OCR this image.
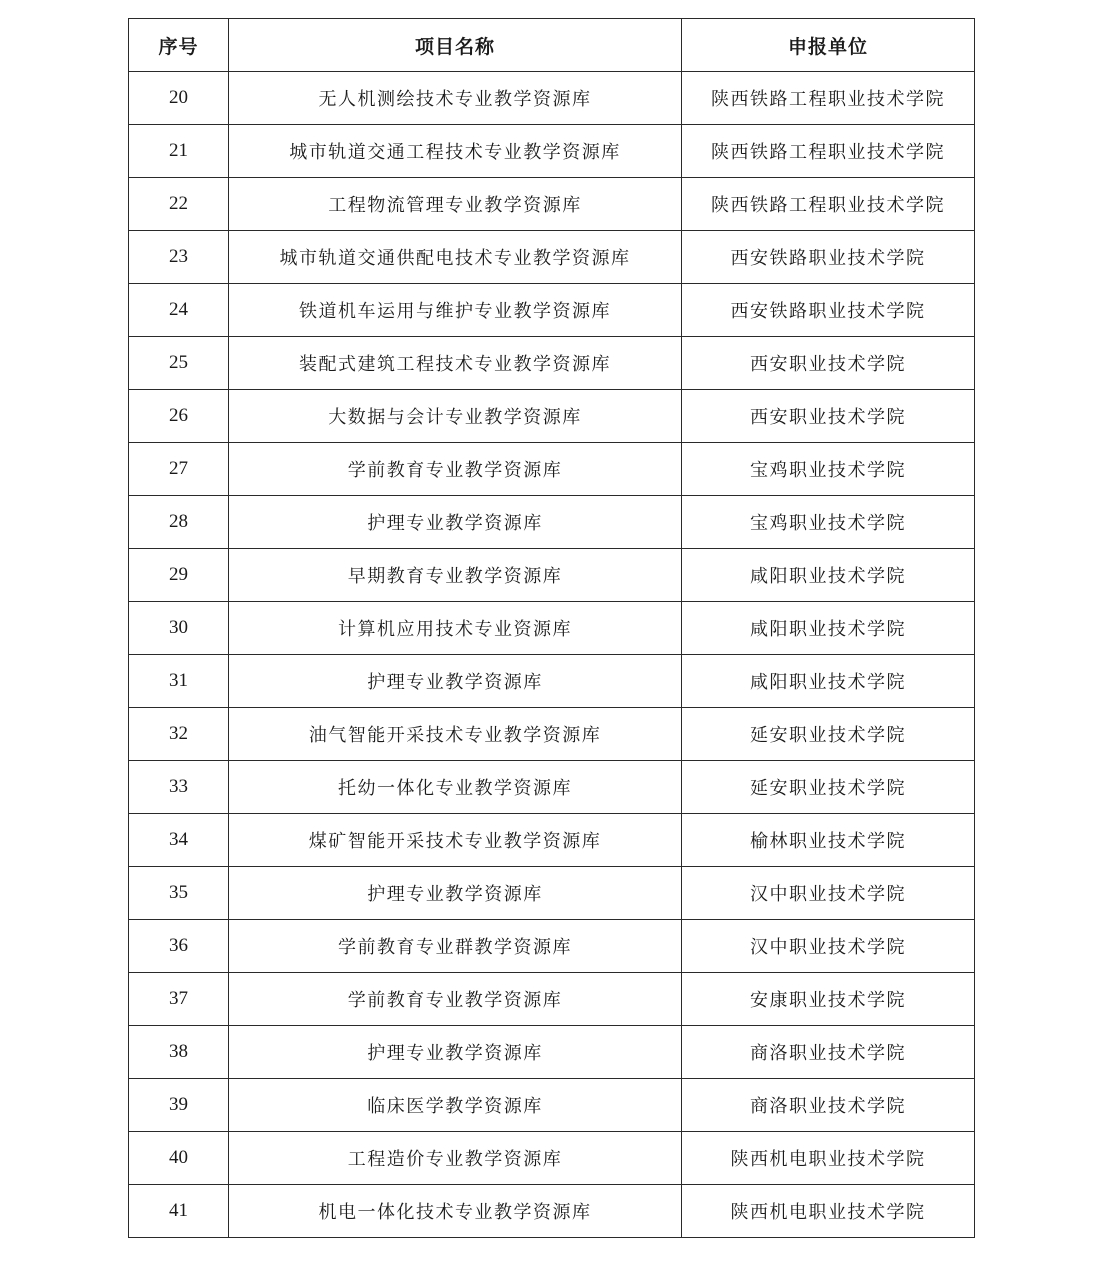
序号	项目名称	申报单位
20	无人机测绘技术专业教学资源库	陕西铁路工程职业技术学院
21	城市轨道交通工程技术专业教学资源库	陕西铁路工程职业技术学院
22	工程物流管理专业教学资源库	陕西铁路工程职业技术学院
23	城市轨道交通供配电技术专业教学资源库	西安铁路职业技术学院
24	铁道机车运用与维护专业教学资源库	西安铁路职业技术学院
25	装配式建筑工程技术专业教学资源库	西安职业技术学院
26	大数据与会计专业教学资源库	西安职业技术学院
27	学前教育专业教学资源库	宝鸡职业技术学院
28	护理专业教学资源库	宝鸡职业技术学院
29	早期教育专业教学资源库	咸阳职业技术学院
30	计算机应用技术专业资源库	咸阳职业技术学院
31	护理专业教学资源库	咸阳职业技术学院
32	油气智能开采技术专业教学资源库	延安职业技术学院
33	托幼一体化专业教学资源库	延安职业技术学院
34	煤矿智能开采技术专业教学资源库	榆林职业技术学院
35	护理专业教学资源库	汉中职业技术学院
36	学前教育专业群教学资源库	汉中职业技术学院
37	学前教育专业教学资源库	安康职业技术学院
38	护理专业教学资源库	商洛职业技术学院
39	临床医学教学资源库	商洛职业技术学院
40	工程造价专业教学资源库	陕西机电职业技术学院
41	机电一体化技术专业教学资源库	陕西机电职业技术学院
